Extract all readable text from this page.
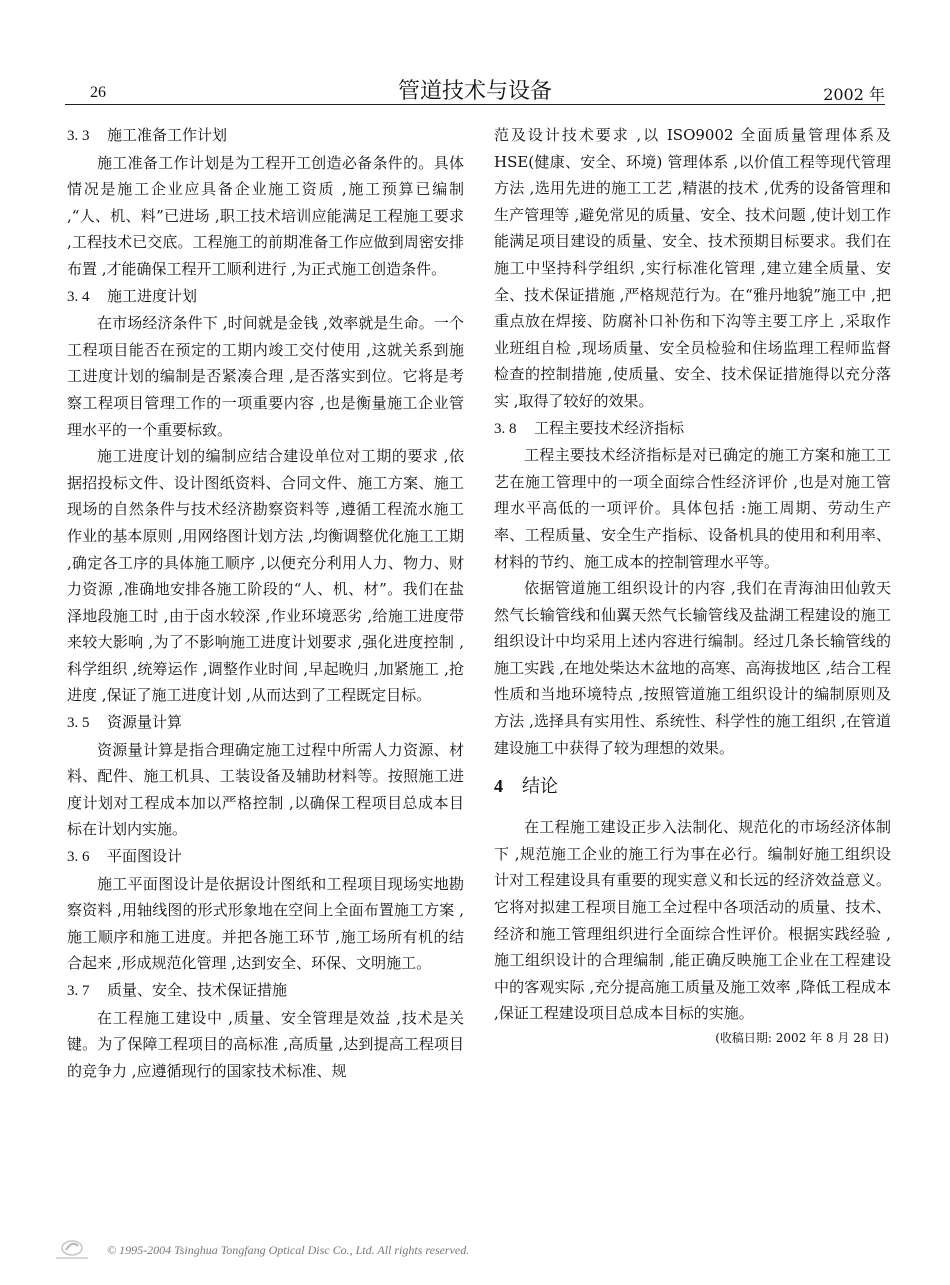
26	管道技术与设备	2002 年
3. 3 施工准备工作计划

施工准备工作计划是为工程开工创造必备条件的。具体情况是施工企业应具备企业施工资质 ,施工预算已编制 ,“人、机、料”已进场 ,职工技术培训应能满足工程施工要求 ,工程技术已交底。工程施工的前期准备工作应做到周密安排布置 ,才能确保工程开工顺利进行 ,为正式施工创造条件。

3. 4 施工进度计划

在市场经济条件下 ,时间就是金钱 ,效率就是生命。一个工程项目能否在预定的工期内竣工交付使用 ,这就关系到施工进度计划的编制是否紧凑合理 ,是否落实到位。它将是考察工程项目管理工作的一项重要内容 ,也是衡量施工企业管理水平的一个重要标致。

施工进度计划的编制应结合建设单位对工期的要求 ,依据招投标文件、设计图纸资料、合同文件、施工方案、施工现场的自然条件与技术经济勘察资料等 ,遵循工程流水施工作业的基本原则 ,用网络图计划方法 ,均衡调整优化施工工期 ,确定各工序的具体施工顺序 ,以便充分利用人力、物力、财力资源 ,准确地安排各施工阶段的“人、机、材”。我们在盐泽地段施工时 ,由于卤水较深 ,作业环境恶劣 ,给施工进度带来较大影响 ,为了不影响施工进度计划要求 ,强化进度控制 ,科学组织 ,统筹运作 ,调整作业时间 ,早起晚归 ,加紧施工 ,抢进度 ,保证了施工进度计划 ,从而达到了工程既定目标。

3. 5 资源量计算

资源量计算是指合理确定施工过程中所需人力资源、材料、配件、施工机具、工装设备及辅助材料等。按照施工进度计划对工程成本加以严格控制 ,以确保工程项目总成本目标在计划内实施。

3. 6 平面图设计

施工平面图设计是依据设计图纸和工程项目现场实地勘察资料 ,用轴线图的形式形象地在空间上全面布置施工方案 ,施工顺序和施工进度。并把各施工环节 ,施工场所有机的结合起来 ,形成规范化管理 ,达到安全、环保、文明施工。

3. 7 质量、安全、技术保证措施

在工程施工建设中 ,质量、安全管理是效益 ,技术是关键。为了保障工程项目的高标准 ,高质量 ,达到提高工程项目的竞争力 ,应遵循现行的国家技术标准、规

范及设计技术要求 ,以 ISO9002 全面质量管理体系及 HSE(健康、安全、环境) 管理体系 ,以价值工程等现代管理方法 ,选用先进的施工工艺 ,精湛的技术 ,优秀的设备管理和生产管理等 ,避免常见的质量、安全、技术问题 ,使计划工作能满足项目建设的质量、安全、技术预期目标要求。我们在施工中坚持科学组织 ,实行标准化管理 ,建立建全质量、安全、技术保证措施 ,严格规范行为。在“雅丹地貌”施工中 ,把重点放在焊接、防腐补口补伤和下沟等主要工序上 ,采取作业班组自检 ,现场质量、安全员检验和住场监理工程师监督检查的控制措施 ,使质量、安全、技术保证措施得以充分落实 ,取得了较好的效果。

3. 8 工程主要技术经济指标

工程主要技术经济指标是对已确定的施工方案和施工工艺在施工管理中的一项全面综合性经济评价 ,也是对施工管理水平高低的一项评价。具体包括 :施工周期、劳动生产率、工程质量、安全生产指标、设备机具的使用和利用率、材料的节约、施工成本的控制管理水平等。

依据管道施工组织设计的内容 ,我们在青海油田仙敦天然气长输管线和仙翼天然气长输管线及盐湖工程建设的施工组织设计中均采用上述内容进行编制。经过几条长输管线的施工实践 ,在地处柴达木盆地的高寒、高海拔地区 ,结合工程性质和当地环境特点 ,按照管道施工组织设计的编制原则及方法 ,选择具有实用性、系统性、科学性的施工组织 ,在管道建设施工中获得了较为理想的效果。

4 结论

在工程施工建设正步入法制化、规范化的市场经济体制下 ,规范施工企业的施工行为事在必行。编制好施工组织设计对工程建设具有重要的现实意义和长远的经济效益意义。它将对拟建工程项目施工全过程中各项活动的质量、技术、经济和施工管理组织进行全面综合性评价。根据实践经验 ,施工组织设计的合理编制 ,能正确反映施工企业在工程建设中的客观实际 ,充分提高施工质量及施工效率 ,降低工程成本 ,保证工程建设项目总成本目标的实施。

(收稿日期: 2002 年 8 月 28 日)
© 1995-2004 Tsinghua Tongfang Optical Disc Co., Ltd. All rights reserved.
